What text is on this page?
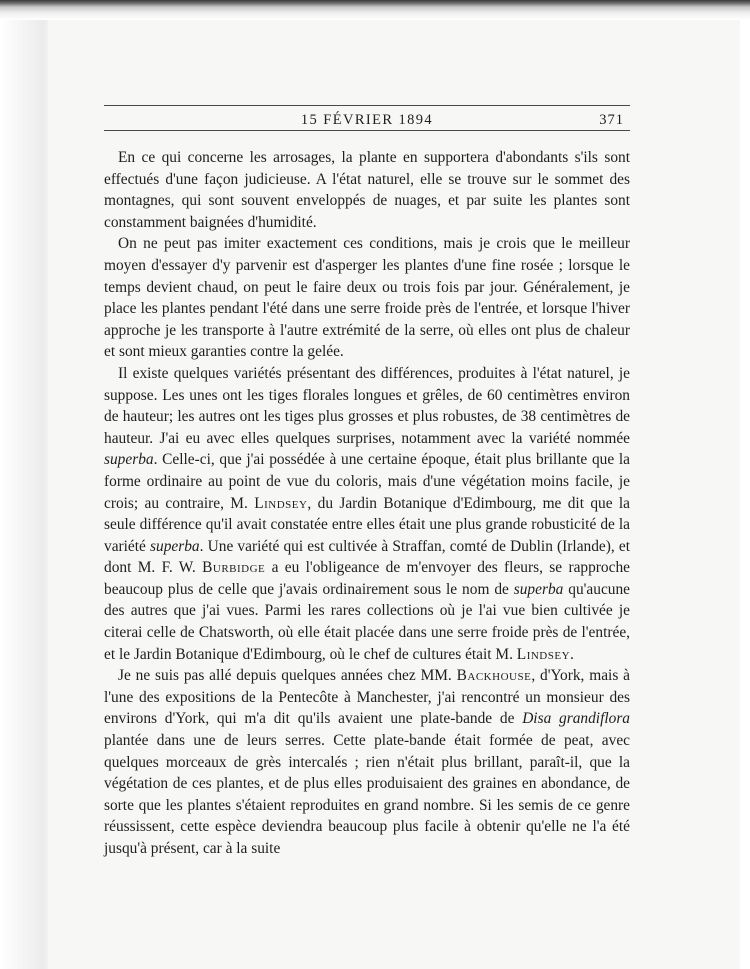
15 FÉVRIER 1894	371

En ce qui concerne les arrosages, la plante en supportera d'abondants s'ils sont effectués d'une façon judicieuse. A l'état naturel, elle se trouve sur le sommet des montagnes, qui sont souvent enveloppés de nuages, et par suite les plantes sont constamment baignées d'humidité.

On ne peut pas imiter exactement ces conditions, mais je crois que le meilleur moyen d'essayer d'y parvenir est d'asperger les plantes d'une fine rosée ; lorsque le temps devient chaud, on peut le faire deux ou trois fois par jour. Généralement, je place les plantes pendant l'été dans une serre froide près de l'entrée, et lorsque l'hiver approche je les transporte à l'autre extrémité de la serre, où elles ont plus de chaleur et sont mieux garanties contre la gelée.

Il existe quelques variétés présentant des différences, produites à l'état naturel, je suppose. Les unes ont les tiges florales longues et grêles, de 60 centimètres environ de hauteur; les autres ont les tiges plus grosses et plus robustes, de 38 centimètres de hauteur. J'ai eu avec elles quelques surprises, notamment avec la variété nommée superba. Celle-ci, que j'ai possédée à une certaine époque, était plus brillante que la forme ordinaire au point de vue du coloris, mais d'une végétation moins facile, je crois; au contraire, M. Lindsey, du Jardin Botanique d'Edimbourg, me dit que la seule différence qu'il avait constatée entre elles était une plus grande robusticité de la variété superba. Une variété qui est cultivée à Straffan, comté de Dublin (Irlande), et dont M. F. W. Burbidge a eu l'obligeance de m'envoyer des fleurs, se rapproche beaucoup plus de celle que j'avais ordinairement sous le nom de superba qu'aucune des autres que j'ai vues. Parmi les rares collections où je l'ai vue bien cultivée je citerai celle de Chatsworth, où elle était placée dans une serre froide près de l'entrée, et le Jardin Botanique d'Edimbourg, où le chef de cultures était M. Lindsey.

Je ne suis pas allé depuis quelques années chez MM. Backhouse, d'York, mais à l'une des expositions de la Pentecôte à Manchester, j'ai rencontré un monsieur des environs d'York, qui m'a dit qu'ils avaient une plate-bande de Disa grandiflora plantée dans une de leurs serres. Cette plate-bande était formée de peat, avec quelques morceaux de grès intercalés ; rien n'était plus brillant, paraît-il, que la végétation de ces plantes, et de plus elles produisaient des graines en abondance, de sorte que les plantes s'étaient reproduites en grand nombre. Si les semis de ce genre réussissent, cette espèce deviendra beaucoup plus facile à obtenir qu'elle ne l'a été jusqu'à présent, car à la suite
